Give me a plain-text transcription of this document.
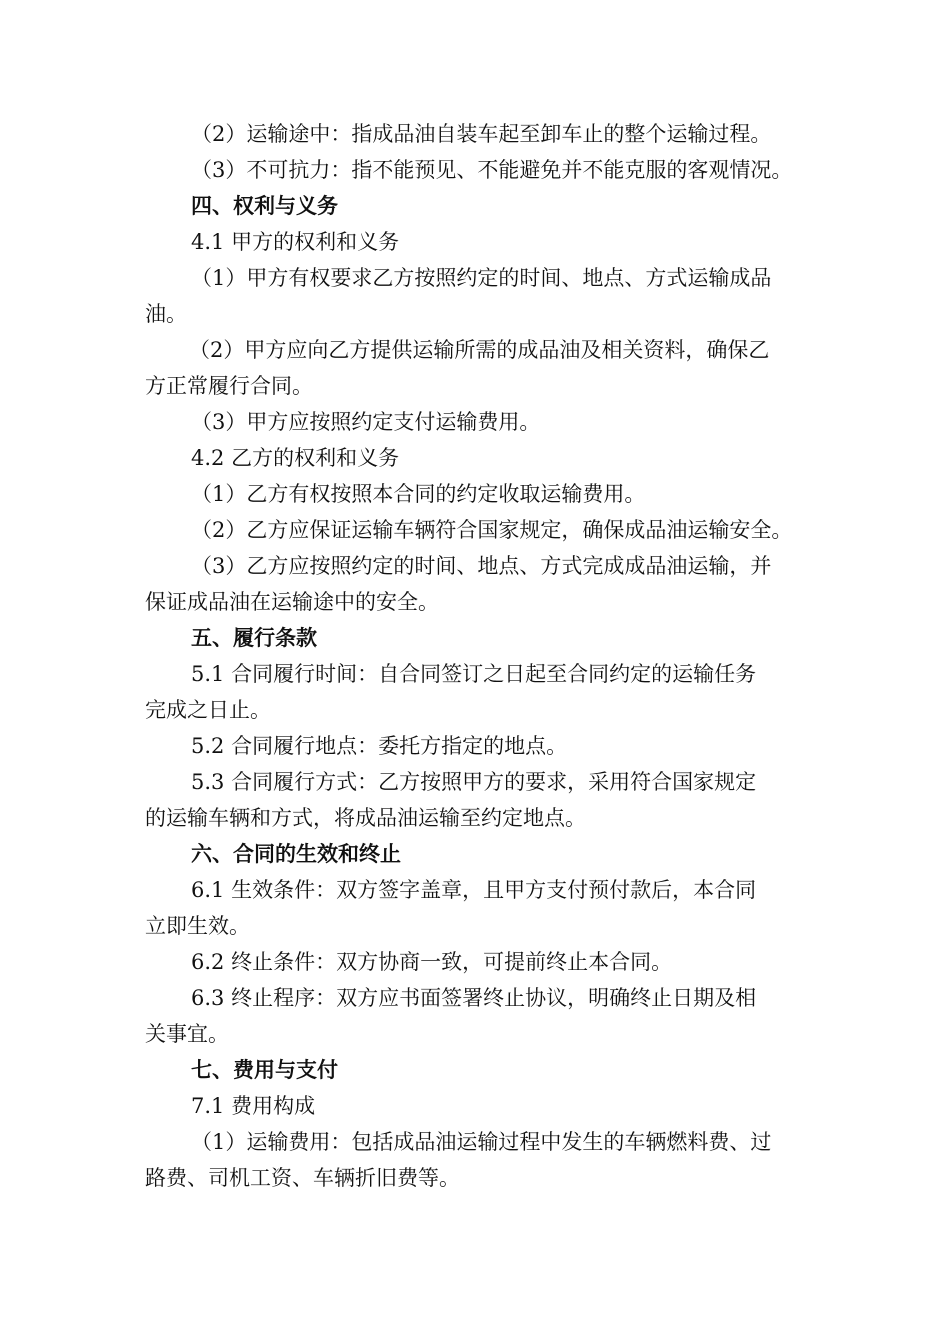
（2）运输途中：指成品油自装车起至卸车止的整个运输过程。
（3）不可抗力：指不能预见、不能避免并不能克服的客观情况。
四、权利与义务
4.1 甲方的权利和义务
（1）甲方有权要求乙方按照约定的时间、地点、方式运输成品
油。
（2）甲方应向乙方提供运输所需的成品油及相关资料，确保乙
方正常履行合同。
（3）甲方应按照约定支付运输费用。
4.2 乙方的权利和义务
（1）乙方有权按照本合同的约定收取运输费用。
（2）乙方应保证运输车辆符合国家规定，确保成品油运输安全。
（3）乙方应按照约定的时间、地点、方式完成成品油运输，并
保证成品油在运输途中的安全。
五、履行条款
5.1 合同履行时间：自合同签订之日起至合同约定的运输任务
完成之日止。
5.2 合同履行地点：委托方指定的地点。
5.3 合同履行方式：乙方按照甲方的要求，采用符合国家规定
的运输车辆和方式，将成品油运输至约定地点。
六、合同的生效和终止
6.1 生效条件：双方签字盖章，且甲方支付预付款后，本合同
立即生效。
6.2 终止条件：双方协商一致，可提前终止本合同。
6.3 终止程序：双方应书面签署终止协议，明确终止日期及相
关事宜。
七、费用与支付
7.1 费用构成
（1）运输费用：包括成品油运输过程中发生的车辆燃料费、过
路费、司机工资、车辆折旧费等。
